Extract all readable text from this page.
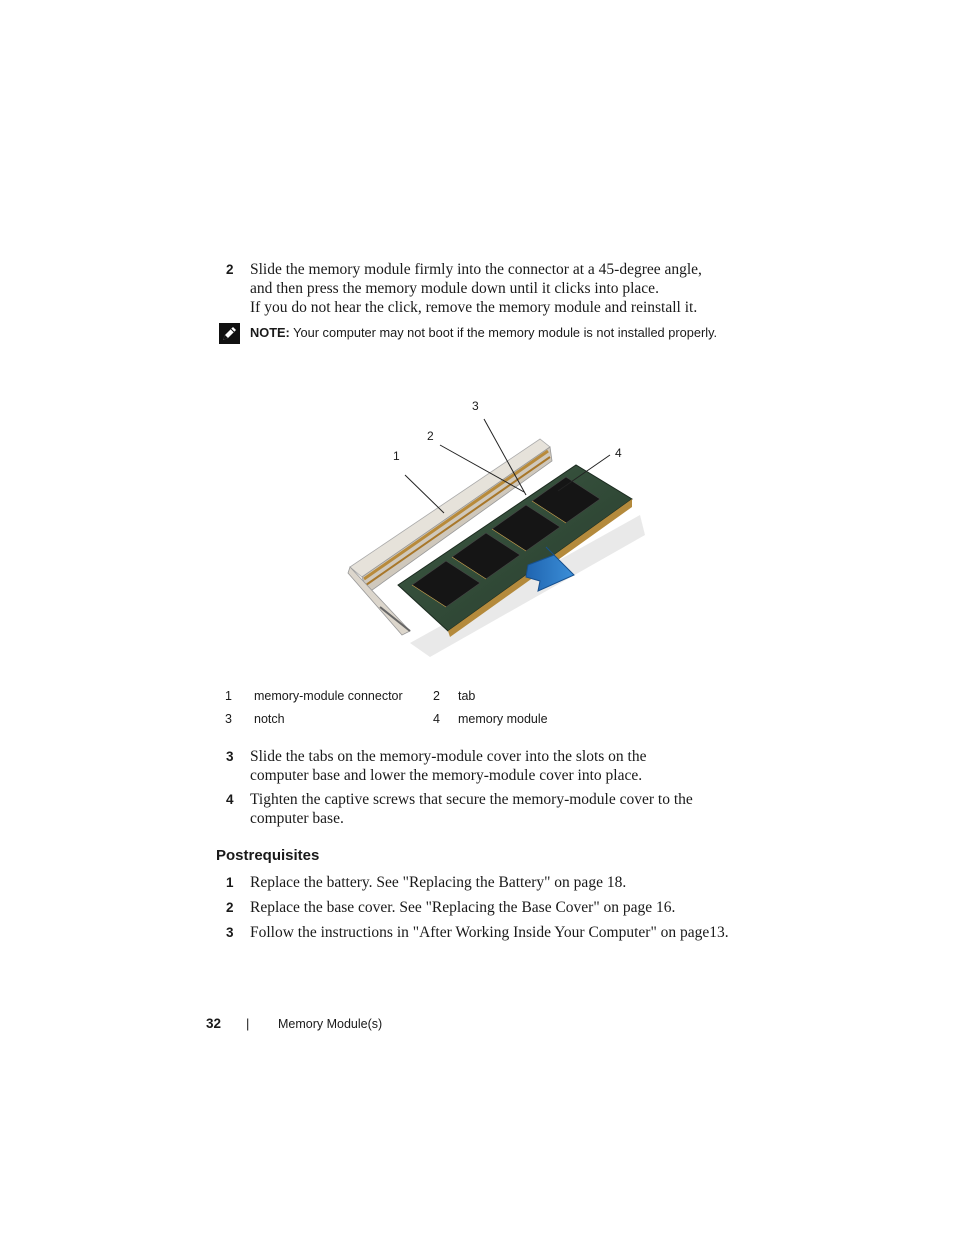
2 Slide the memory module firmly into the connector at a 45-degree angle,
and then press the memory module down until it clicks into place.
If you do not hear the click, remove the memory module and reinstall it.
NOTE: Your computer may not boot if the memory module is not installed properly.
1
2
3
4
1 memory-module connector 2 tab
3 notch	4 memory module
3 Slide the tabs on the memory-module cover into the slots on the
computer base and lower the memory-module cover into place.
4 Tighten the captive screws that secure the memory-module cover to the
computer base.
Postrequisites
1 Replace the battery. See "Replacing the Battery" on page 18.
2 Replace the base cover. See "Replacing the Base Cover" on page 16.
3 Follow the instructions in "After Working Inside Your Computer" on page13.
32 | Memory Module(s)
